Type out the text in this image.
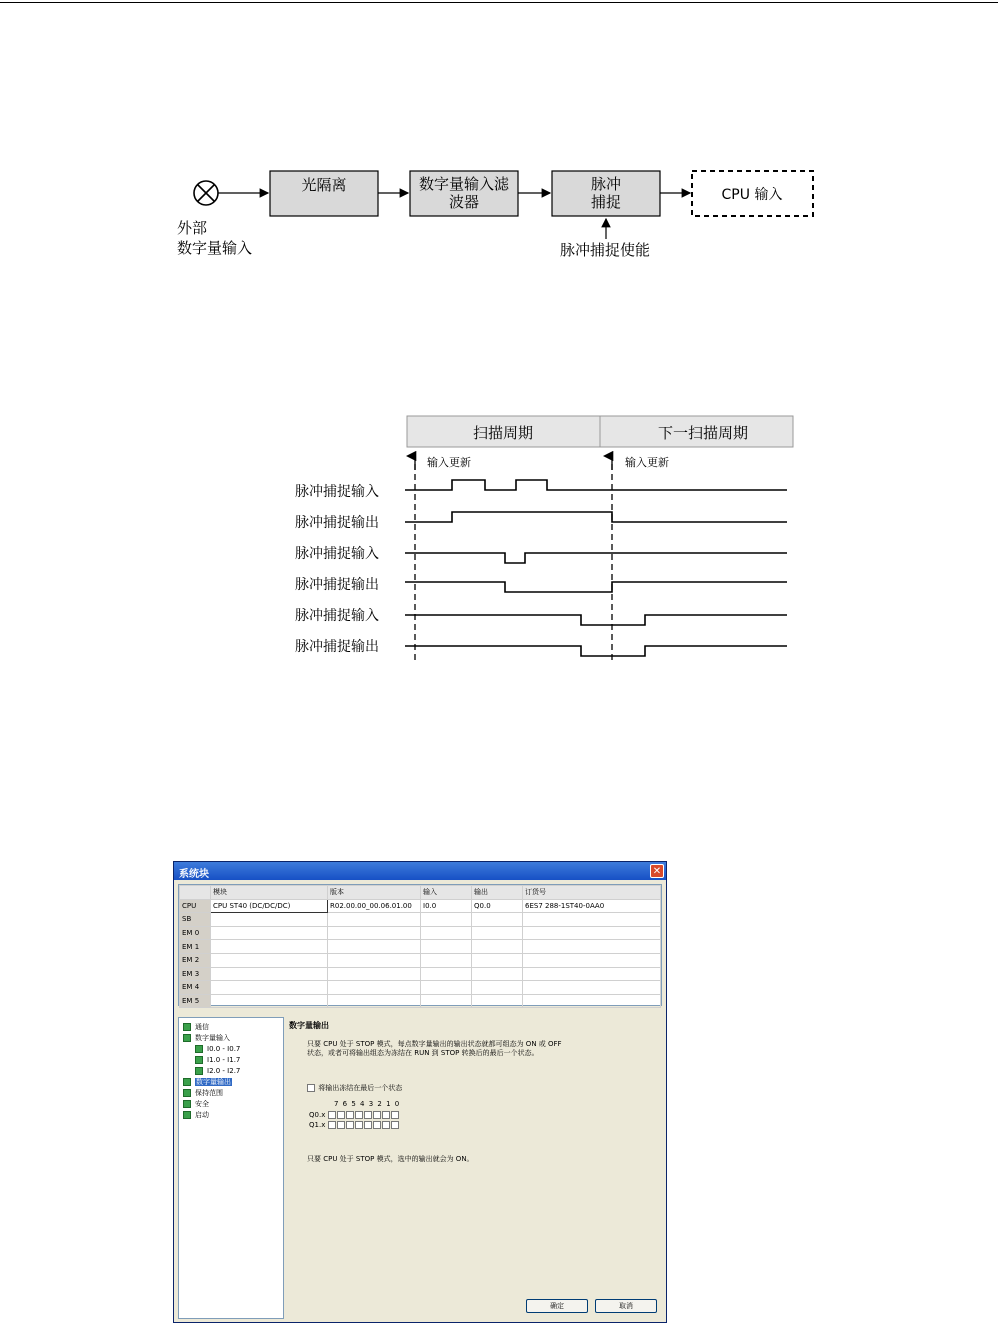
光隔离	数字量输入滤
波器
脉冲
捕捉	CPU 输入
外部
数字量输入	脉冲捕捉使能
扫描周期	下一扫描周期
输入更新	输入更新
脉冲捕捉输入
脉冲捕捉输出
脉冲捕捉输入
脉冲捕捉输出
脉冲捕捉输入
脉冲捕捉输出
系统块	✕
	模块	版本	输入	输出	订货号
CPU	CPU ST40 (DC/DC/DC)	R02.00.00_00.06.01.00	I0.0	Q0.0	6ES7 288-1ST40-0AA0
SB					
EM 0					
EM 1					
EM 2					
EM 3					
EM 4					
EM 5					
通信
数字量输入
I0.0 - I0.7
I1.0 - I1.7
I2.0 - I2.7
数字量输出
保持范围
安全
启动
数字量输出
只要 CPU 处于 STOP 模式，每点数字量输出的输出状态就都可组态为 ON 或 OFF
状态，或者可将输出组态为冻结在 RUN 到 STOP 转换后的最后一个状态。
将输出冻结在最后一个状态
7 6 5 4 3 2 1 0
Q0.x
Q1.x
只要 CPU 处于 STOP 模式，选中的输出就会为 ON。
确定	取消
